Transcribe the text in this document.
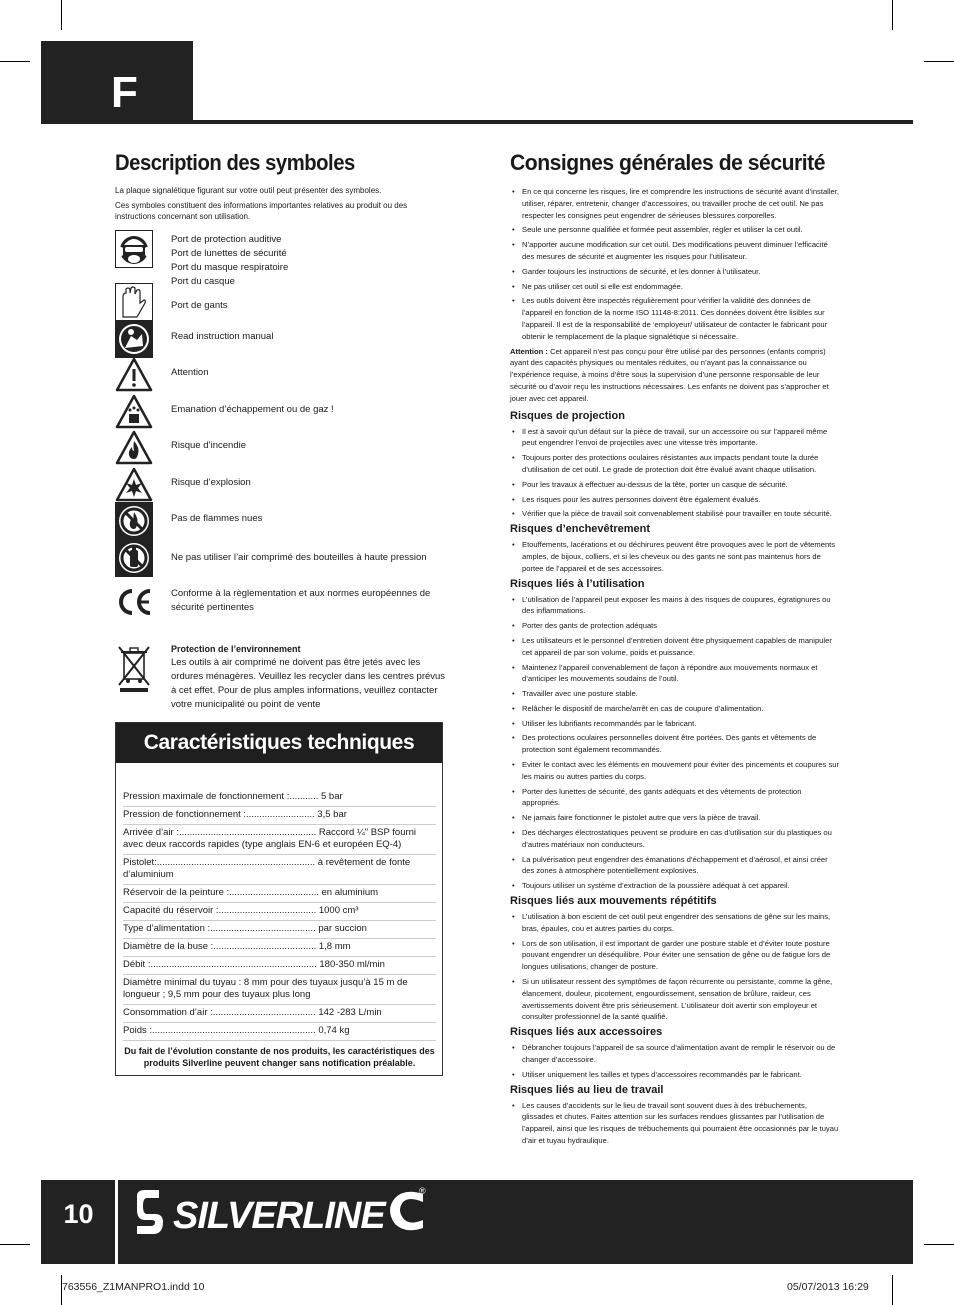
F
Description des symboles

La plaque signalétique figurant sur votre outil peut présenter des symboles.

Ces symboles constituent des informations importantes relatives au produit ou des instructions concernant son utilisation.

Port de protection auditive
Port de lunettes de sécurité
Port du masque respiratoire
Port du casque
Port de gants
Read instruction manual
Attention
Emanation d’échappement ou de gaz !
Risque d’incendie
Risque d’explosion
Pas de flammes nues
Ne pas utiliser l’air comprimé des bouteilles à haute pression
Conforme à la règlementation et aux normes européennes de
sécurité pertinentes
Protection de l’environnement
Les outils à air comprimé ne doivent pas être jetés avec les ordures ménagères. Veuillez les recycler dans les centres prévus à cet effet. Pour de plus amples informations, veuillez contacter votre municipalité ou point de vente
Caractéristiques techniques
Pression maximale de fonctionnement :........... 5 bar
Pression de fonctionnement :.......................... 3,5 bar
Arrivée d’air :.................................................... Raccord ¼" BSP fourni avec deux raccords rapides (type anglais EN-6 et européen EQ-4)
Pistolet:............................................................ à revêtement de fonte d’aluminium
Réservoir de la peinture :.................................. en aluminium
Capacité du réservoir :..................................... 1000 cm³
Type d’alimentation :........................................ par succion
Diamètre de la buse :....................................... 1,8 mm
Débit :............................................................... 180-350 ml/min
Diamètre minimal du tuyau : 8 mm pour des tuyaux jusqu’à 15 m de longueur ; 9,5 mm pour des tuyaux plus long
Consommation d’air :....................................... 142 -283 L/min
Poids :.............................................................. 0,74 kg
Du fait de l’évolution constante de nos produits, les caractéristiques des produits Silverline peuvent changer sans notification préalable.
Consignes générales de sécurité
• En ce qui concerne les risques, lire et comprendre les instructions de sécurité avant d’installer, utiliser, réparer, entretenir, changer d’accessoires, ou travailler proche de cet outil. Ne pas respecter les consignes peut engendrer de sérieuses blessures corporelles.
• Seule une personne qualifiée et formée peut assembler, régler et utiliser la cet outil.
• N’apporter aucune modification sur cet outil. Des modifications peuvent diminuer l’efficacité des mesures de sécurité et augmenter les risques pour l’utilisateur.
• Garder toujours les instructions de sécurité, et les donner à l’utilisateur.
• Ne pas utiliser cet outil si elle est endommagée.
• Les outils doivent être inspectés régulièrement pour vérifier la validité des données de l’appareil en fonction de la norme ISO 11148-8:2011. Ces données doivent être lisibles sur l’appareil. Il est de la responsabilité de ‘employeur/ utilisateur de contacter le fabricant pour obtenir le remplacement de la plaque signalétique si nécessaire.

Attention : Cet appareil n’est pas conçu pour être utilisé par des personnes (enfants compris) ayant des capacités physiques ou mentales réduites, ou n’ayant pas la connaissance ou l’expérience requise, à moins d’être sous la supervision d’une personne responsable de leur sécurité ou d’avoir reçu les instructions nécessaires. Les enfants ne doivent pas s’approcher et jouer avec cet appareil.

Risques de projection
• Il est à savoir qu’un défaut sur la pièce de travail, sur un accessoire ou sur l’appareil même peut engendrer l’envoi de projectiles avec une vitesse très importante.
• Toujours porter des protections oculaires résistantes aux impacts pendant toute la durée d’utilisation de cet outil. Le grade de protection doit être évalué avant chaque utilisation.
• Pour les travaux à effectuer au-dessus de la tête, porter un casque de sécurité.
• Les risques pour les autres personnes doivent être également évalués.
• Vérifier que la pièce de travail soit convenablement stabilisé pour travailler en toute sécurité.
Risques d’enchevêtrement
• Etouffements, lacérations et ou déchirures peuvent être provoques avec le port de vêtements amples, de bijoux, colliers, et si les cheveux ou des gants ne sont pas maintenus hors de portee de l’appareil et de ses accessoires.
Risques liés à l’utilisation
• L’utilisation de l’appareil peut exposer les mains à des risques de coupures, égratignures ou des inflammations.
• Porter des gants de protection adéquats
• Les utilisateurs et le personnel d’entretien doivent être physiquement capables de manipuler cet appareil de par son volume, poids et puissance.
• Maintenez l’appareil convenablement de façon à répondre aux mouvements normaux et d’anticiper les mouvements soudains de l’outil.
• Travailler avec une posture stable.
• Relâcher le dispositif de marche/arrêt en cas de coupure d’alimentation.
• Utiliser les lubrifiants recommandés par le fabricant.
• Des protections oculaires personnelles doivent être portées. Des gants et vêtements de protection sont également recommandés.
• Eviter le contact avec les éléments en mouvement pour éviter des pincements et coupures sur les mains ou autres parties du corps.
• Porter des lunettes de sécurité, des gants adéquats et des vêtements de protection appropriés.
• Ne jamais faire fonctionner le pistolet autre que vers la pièce de travail.
• Des décharges électrostatiques peuvent se produire en cas d’utilisation sur du plastiques ou d’autres matériaux non conducteurs.
• La pulvérisation peut engendrer des émanations d’échappement et d’aérosol, et ainsi créer des zones à atmosphère potentiellement explosives.
• Toujours utiliser un système d’extraction de la poussière adéquat à cet appareil.
Risques liés aux mouvements répétitifs
• L’utilisation à bon escient de cet outil peut engendrer des sensations de gêne sur les mains, bras, épaules, cou et autres parties du corps.
• Lors de son utilisation, il est important de garder une posture stable et d’éviter toute posture pouvant engendrer un déséquilibre. Pour éviter une sensation de gêne ou de fatigue lors de longues utilisations, changer de posture.
• Si un utilisateur ressent des symptômes de façon récurrente ou persistante, comme la gêne, élancement, douleur, picotement, engourdissement, sensation de brûlure, raideur, ces avertissements doivent être pris sérieusement. L’utilisateur doit avertir son employeur et consulter professionnel de la santé qualifié.
Risques liés aux accessoires
• Débrancher toujours l’appareil de sa source d’alimentation avant de remplir le réservoir ou de changer d’accessoire.
• Utiliser uniquement les tailles et types d’accessoires recommandés par le fabricant.
Risques liés au lieu de travail
• Les causes d’accidents sur le lieu de travail sont souvent dues à des trébuchements, glissades et chutes. Faites attention sur les surfaces rendues glissantes par l’utilisation de l’appareil, ainsi que les risques de trébuchements qui pourraient être occasionnés par le tuyau d’air et tuyau hydraulique.
10	SILVERLINE
®
763556_Z1MANPRO1.indd 10	05/07/2013 16:29
